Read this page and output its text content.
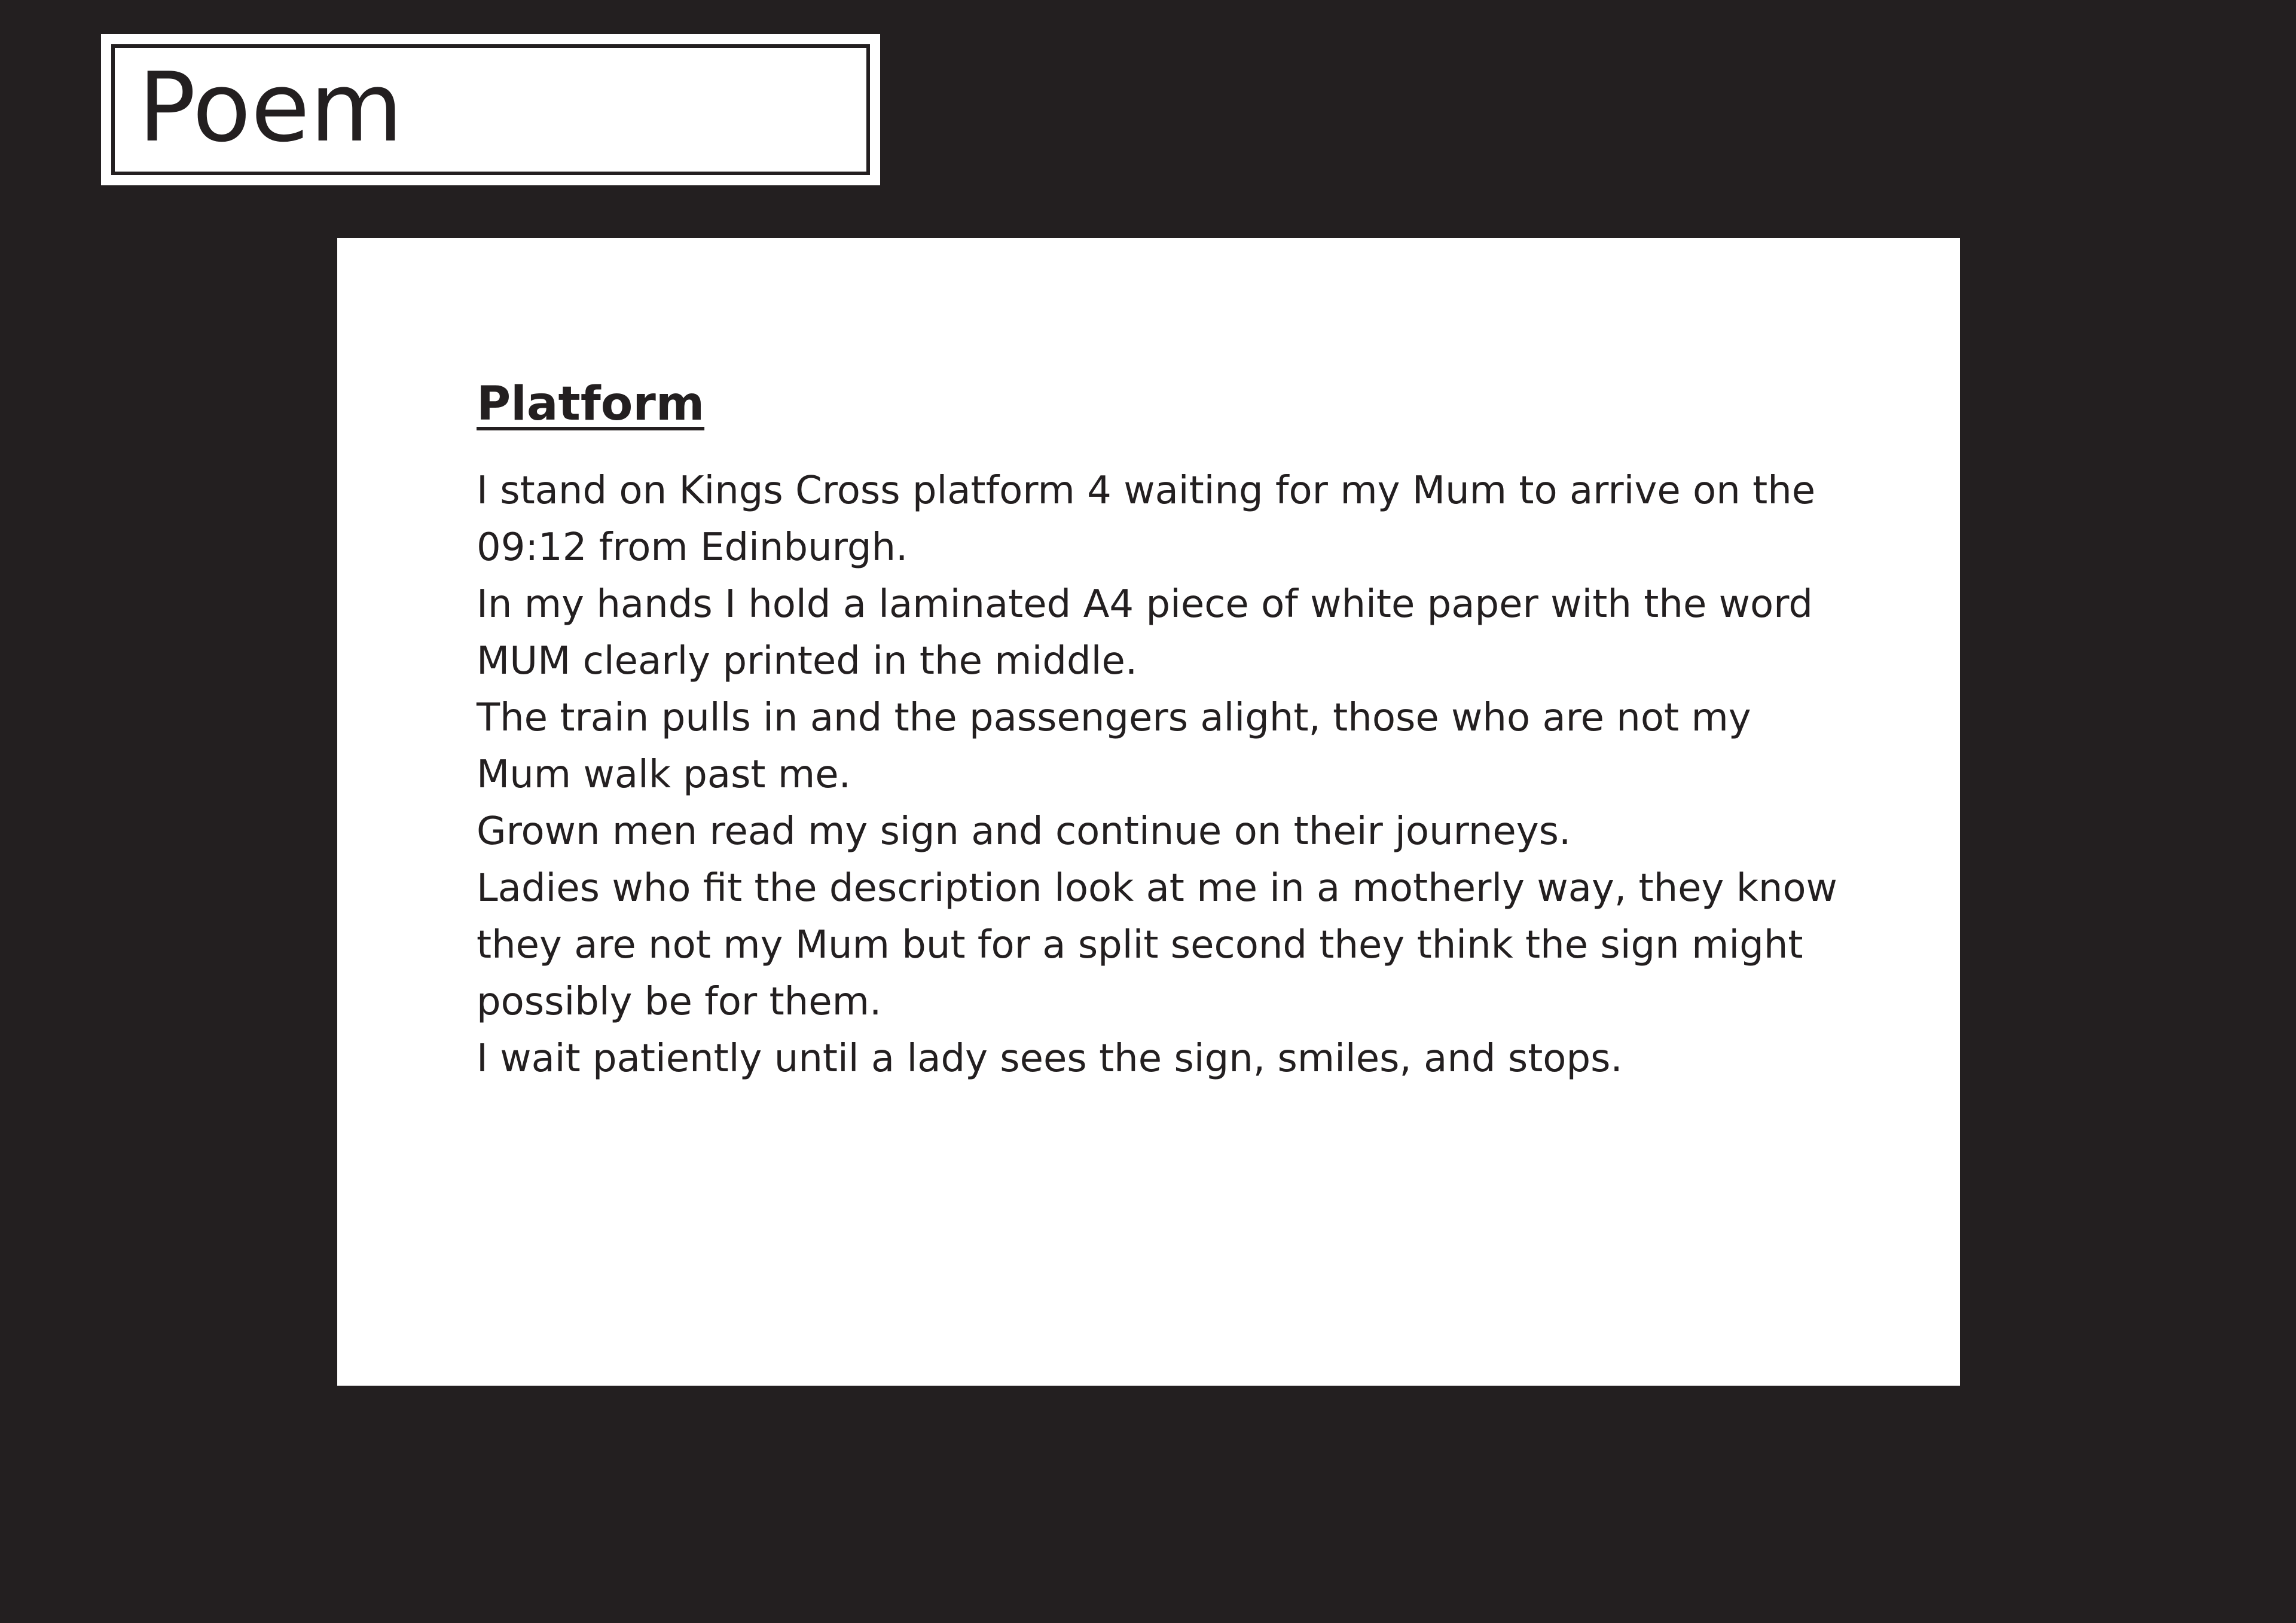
Poem
Platform

I stand on Kings Cross platform 4 waiting for my Mum to arrive on the

09:12 from Edinburgh.

In my hands I hold a laminated A4 piece of white paper with the word

MUM clearly printed in the middle.

The train pulls in and the passengers alight, those who are not my

Mum walk past me.

Grown men read my sign and continue on their journeys.

Ladies who fit the description look at me in a motherly way, they know

they are not my Mum but for a split second they think the sign might

possibly be for them.

I wait patiently until a lady sees the sign, smiles, and stops.
